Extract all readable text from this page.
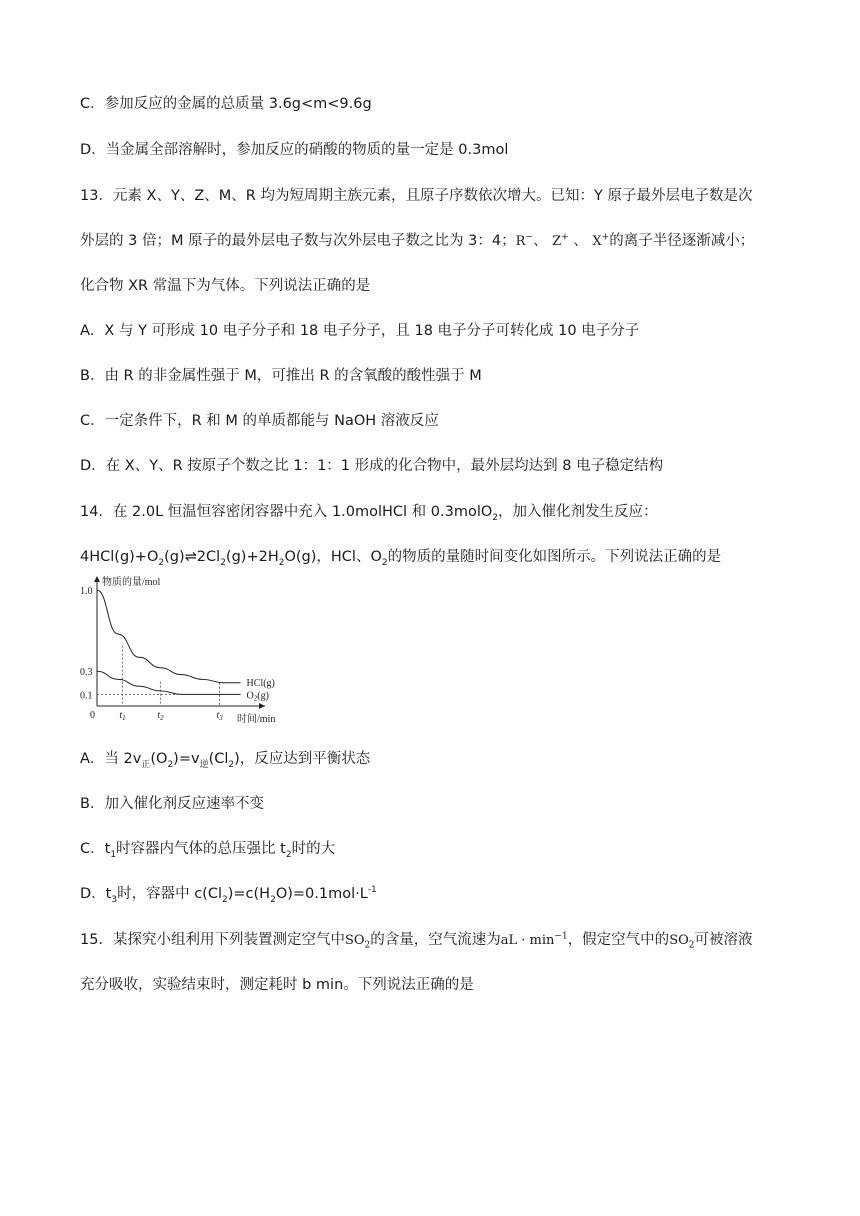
C．参加反应的金属的总质量 3.6g<m<9.6g
D．当金属全部溶解时，参加反应的硝酸的物质的量一定是 0.3mol
13．元素 X、Y、Z、M、R 均为短周期主族元素，且原子序数依次增大。已知：Y 原子最外层电子数是次
外层的 3 倍；M 原子的最外层电子数与次外层电子数之比为 3：4；R−、 Z+ 、 X+的离子半径逐渐减小；
化合物 XR 常温下为气体。下列说法正确的是
A．X 与 Y 可形成 10 电子分子和 18 电子分子，且 18 电子分子可转化成 10 电子分子
B．由 R 的非金属性强于 M，可推出 R 的含氧酸的酸性强于 M
C．一定条件下，R 和 M 的单质都能与 NaOH 溶液反应
D．在 X、Y、R 按原子个数之比 1：1：1 形成的化合物中，最外层均达到 8 电子稳定结构
14．在 2.0L 恒温恒容密闭容器中充入 1.0molHCl 和 0.3molO$_2$，加入催化剂发生反应：
$4HCl(g)+O_2(g)\rightleftharpoons 2Cl_2(g)+2H_2O(g)$，HCl、$O_2$的物质的量随时间变化如图所示。下列说法正确的是
物质的量/mol
时间/min
1.0
0.3
0.1
0 $t_1$	$t_2$	$t_3$
HCl(g)
$O_2(g)$
A．当 $2v_正(O_2)=v_逆(Cl_2)$，反应达到平衡状态
B．加入催化剂反应速率不变
C．$t_1$时容器内气体的总压强比 $t_2$时的大
D．$t_3$时，容器中 $c(Cl_2)=c(H_2O)=0.1mol\cdot L^{-1}$
15．某探究小组利用下列装置测定空气中$SO_2$的含量，空气流速为aL · $\min^{-1}$，假定空气中的$SO_2$可被溶液
充分吸收，实验结束时，测定耗时 b min。下列说法正确的是
